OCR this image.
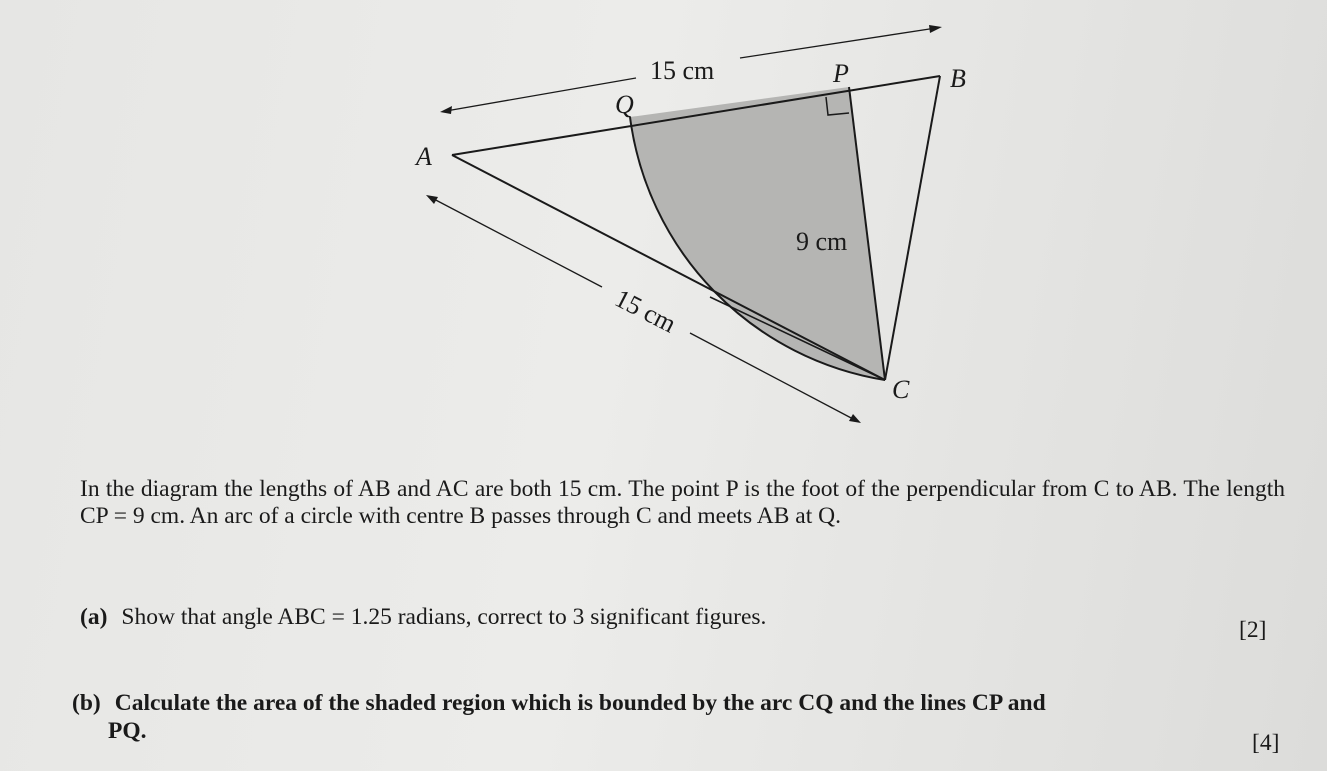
A
B
C
P
Q
15 cm
9 cm
15 cm
In the diagram the lengths of AB and AC are both 15 cm. The point P is the foot of the perpendicular from C to AB. The length CP = 9 cm. An arc of a circle with centre B passes through C and meets AB at Q.
(a) Show that angle ABC = 1.25 radians, correct to 3 significant figures.	[2]
(b) Calculate the area of the shaded region which is bounded by the arc CQ and the lines CP and
PQ.	[4]
